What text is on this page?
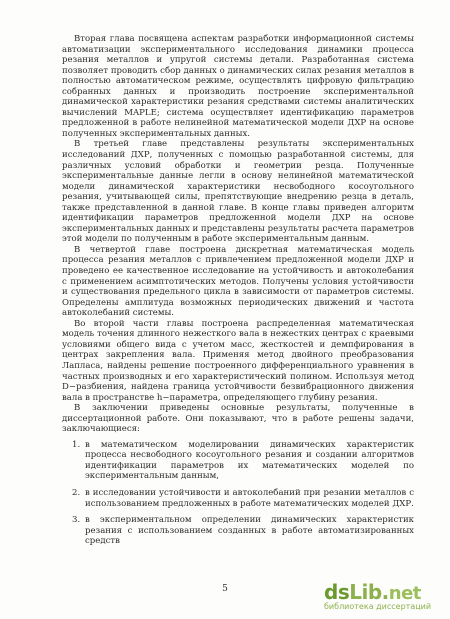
Вторая глава посвящена аспектам разработки информационной системы автоматизации экспериментального исследования динамики процесса резания металлов и упругой системы детали. Разработанная система позволяет проводить сбор данных о динамических силах резания металлов в полностью автоматическом режиме, осуществлять цифровую фильтрацию собранных данных и производить построение экспериментальной динамической характеристики резания средствами системы аналитических вычислений MAPLE; система осуществляет идентификацию параметров предложенной в работе нелинейной математической модели ДХР на основе полученных экспериментальных данных.

В третьей главе представлены результаты экспериментальных исследований ДХР, полученных с помощью разработанной системы, для различных условий обработки и геометрии резца. Полученные экспериментальные данные легли в основу нелинейной математической модели динамической характеристики несвободного косоугольного резания, учитывающей силы, препятствующие внедрению резца в деталь, также представленной в данной главе. В конце главы приведен алгоритм идентификации параметров предложенной модели ДХР на основе экспериментальных данных и представлены результаты расчета параметров этой модели по полученным в работе экспериментальным данным.

В четвертой главе построена дискретная математическая модель процесса резания металлов с привлечением предложенной модели ДХР и проведено ее качественное исследование на устойчивость и автоколебания с применением асимптотических методов. Получены условия устойчивости и существования предельного цикла в зависимости от параметров системы. Определены амплитуда возможных периодических движений и частота автоколебаний системы.

Во второй части главы построена распределенная математическая модель точения длинного нежесткого вала в нежестких центрах с краевыми условиями общего вида с учетом масс, жесткостей и демпфирования в центрах закрепления вала. Применяя метод двойного преобразования Лапласа, найдены решение построенного дифференциального уравнения в частных производных и его характеристический полином. Используя метод D−разбиения, найдена граница устойчивости безвибрационного движения вала в пространстве h−параметра, определяющего глубину резания.

В заключении приведены основные результаты, полученные в диссертационной работе. Они показывают, что в работе решены задачи, заключающиеся:

1. в математическом моделировании динамических характеристик процесса несвободного косоугольного резания и создании алгоритмов идентификации параметров их математических моделей по экспериментальным данным,
2. в исследовании устойчивости и автоколебаний при резании металлов с использованием предложенных в работе математических моделей ДХР.
3. в экспериментальном определении динамических характеристик резания с использованием созданных в работе автоматизированных средств
5	dsLib.net
библиотека диссертаций
